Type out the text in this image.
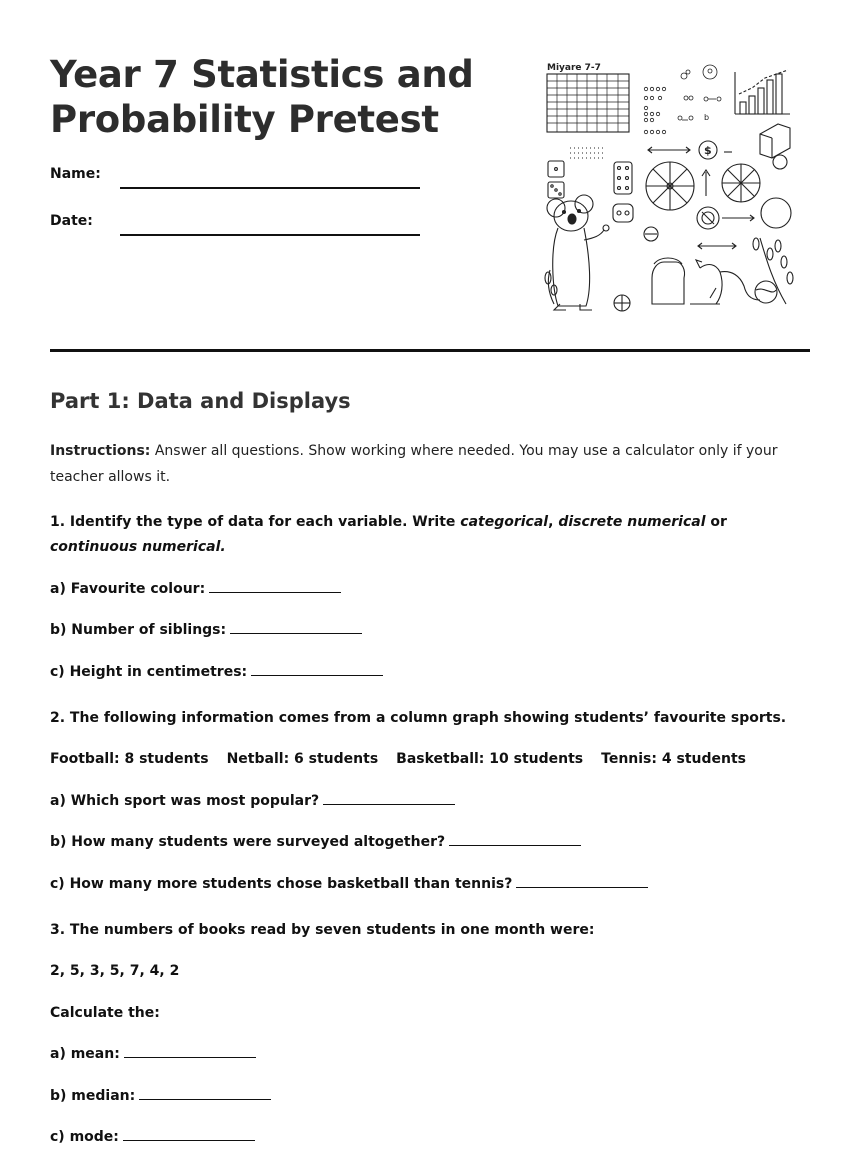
Year 7 Statistics and Probability Pretest
Name:
Date:
Miyare 7-7
b
$
Part 1: Data and Displays
Instructions: Answer all questions. Show working where needed. You may use a calculator only if your teacher allows it.
1. Identify the type of data for each variable. Write categorical, discrete numerical or continuous numerical.
a) Favourite colour:
b) Number of siblings:
c) Height in centimetres:
2. The following information comes from a column graph showing students’ favourite sports.
Football: 8 students Netball: 6 students Basketball: 10 students Tennis: 4 students
a) Which sport was most popular?
b) How many students were surveyed altogether?
c) How many more students chose basketball than tennis?
3. The numbers of books read by seven students in one month were:
2, 5, 3, 5, 7, 4, 2
Calculate the:
a) mean:
b) median:
c) mode:
